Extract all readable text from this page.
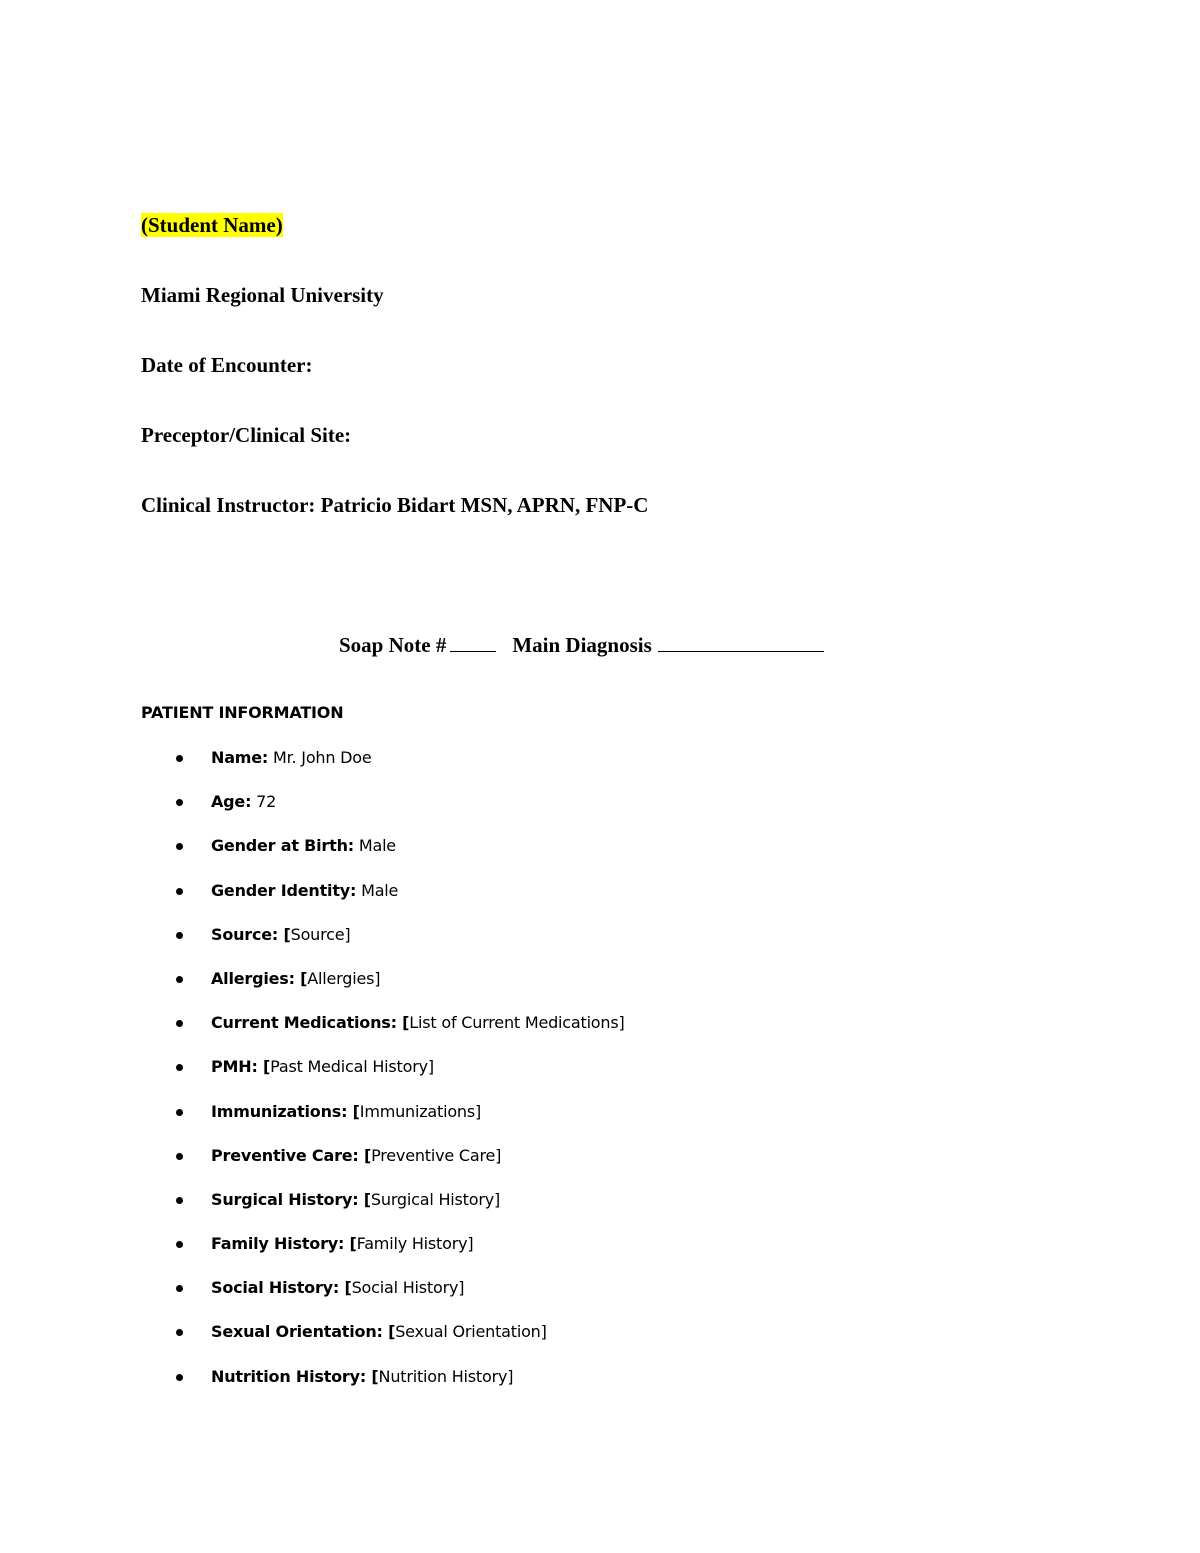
(Student Name)
Miami Regional University
Date of Encounter:
Preceptor/Clinical Site:
Clinical Instructor: Patricio Bidart MSN, APRN, FNP-C
Soap Note #	Main Diagnosis
PATIENT INFORMATION
Name: Mr. John Doe
Age: 72
Gender at Birth: Male
Gender Identity: Male
Source: [Source]
Allergies: [Allergies]
Current Medications: [List of Current Medications]
PMH: [Past Medical History]
Immunizations: [Immunizations]
Preventive Care: [Preventive Care]
Surgical History: [Surgical History]
Family History: [Family History]
Social History: [Social History]
Sexual Orientation: [Sexual Orientation]
Nutrition History: [Nutrition History]
